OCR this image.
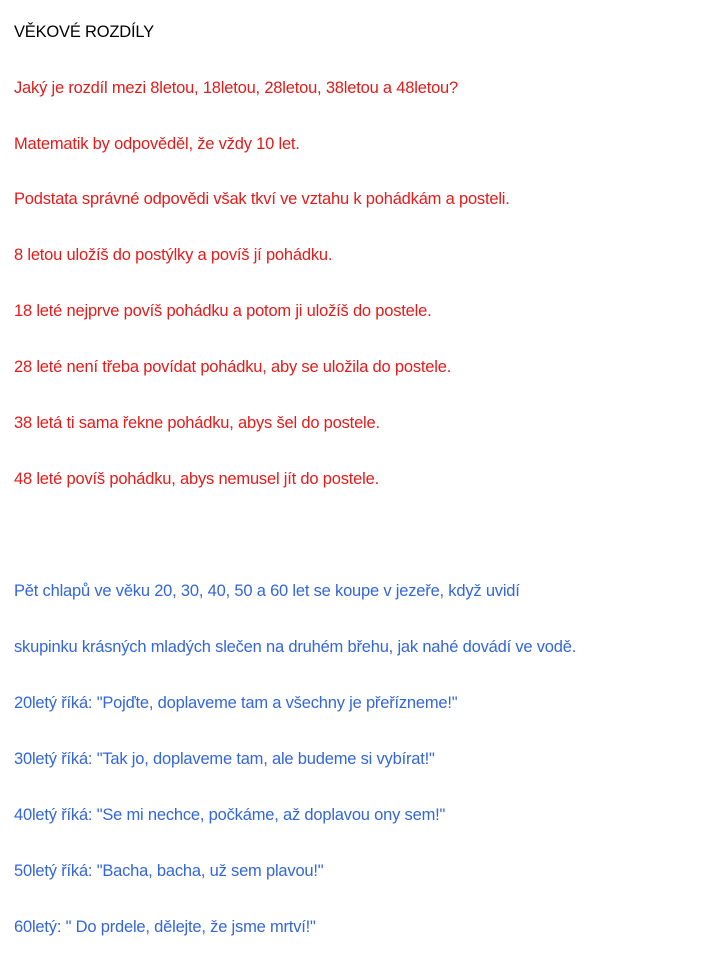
VĚKOVÉ ROZDÍLY
Jaký je rozdíl mezi 8letou, 18letou, 28letou, 38letou a 48letou?
Matematik by odpověděl, že vždy 10 let.
Podstata správné odpovědi však tkví ve vztahu k pohádkám a posteli.
8 letou uložíš do postýlky a povíš jí pohádku.
18 leté nejprve povíš pohádku a potom ji uložíš do postele.
28 leté není třeba povídat pohádku, aby se uložila do postele.
38 letá ti sama řekne pohádku, abys šel do postele.
48 leté povíš pohádku, abys nemusel jít do postele.
Pět chlapů ve věku 20, 30, 40, 50 a 60 let se koupe v jezeře, když uvidí
skupinku krásných mladých slečen na druhém břehu, jak nahé dovádí ve vodě.
20letý říká: "Pojďte, doplaveme tam a všechny je přeřízneme!"
30letý říká: "Tak jo, doplaveme tam, ale budeme si vybírat!"
40letý říká: "Se mi nechce, počkáme, až doplavou ony sem!"
50letý říká: "Bacha, bacha, už sem plavou!"
60letý: " Do prdele, dělejte, že jsme mrtví!"
